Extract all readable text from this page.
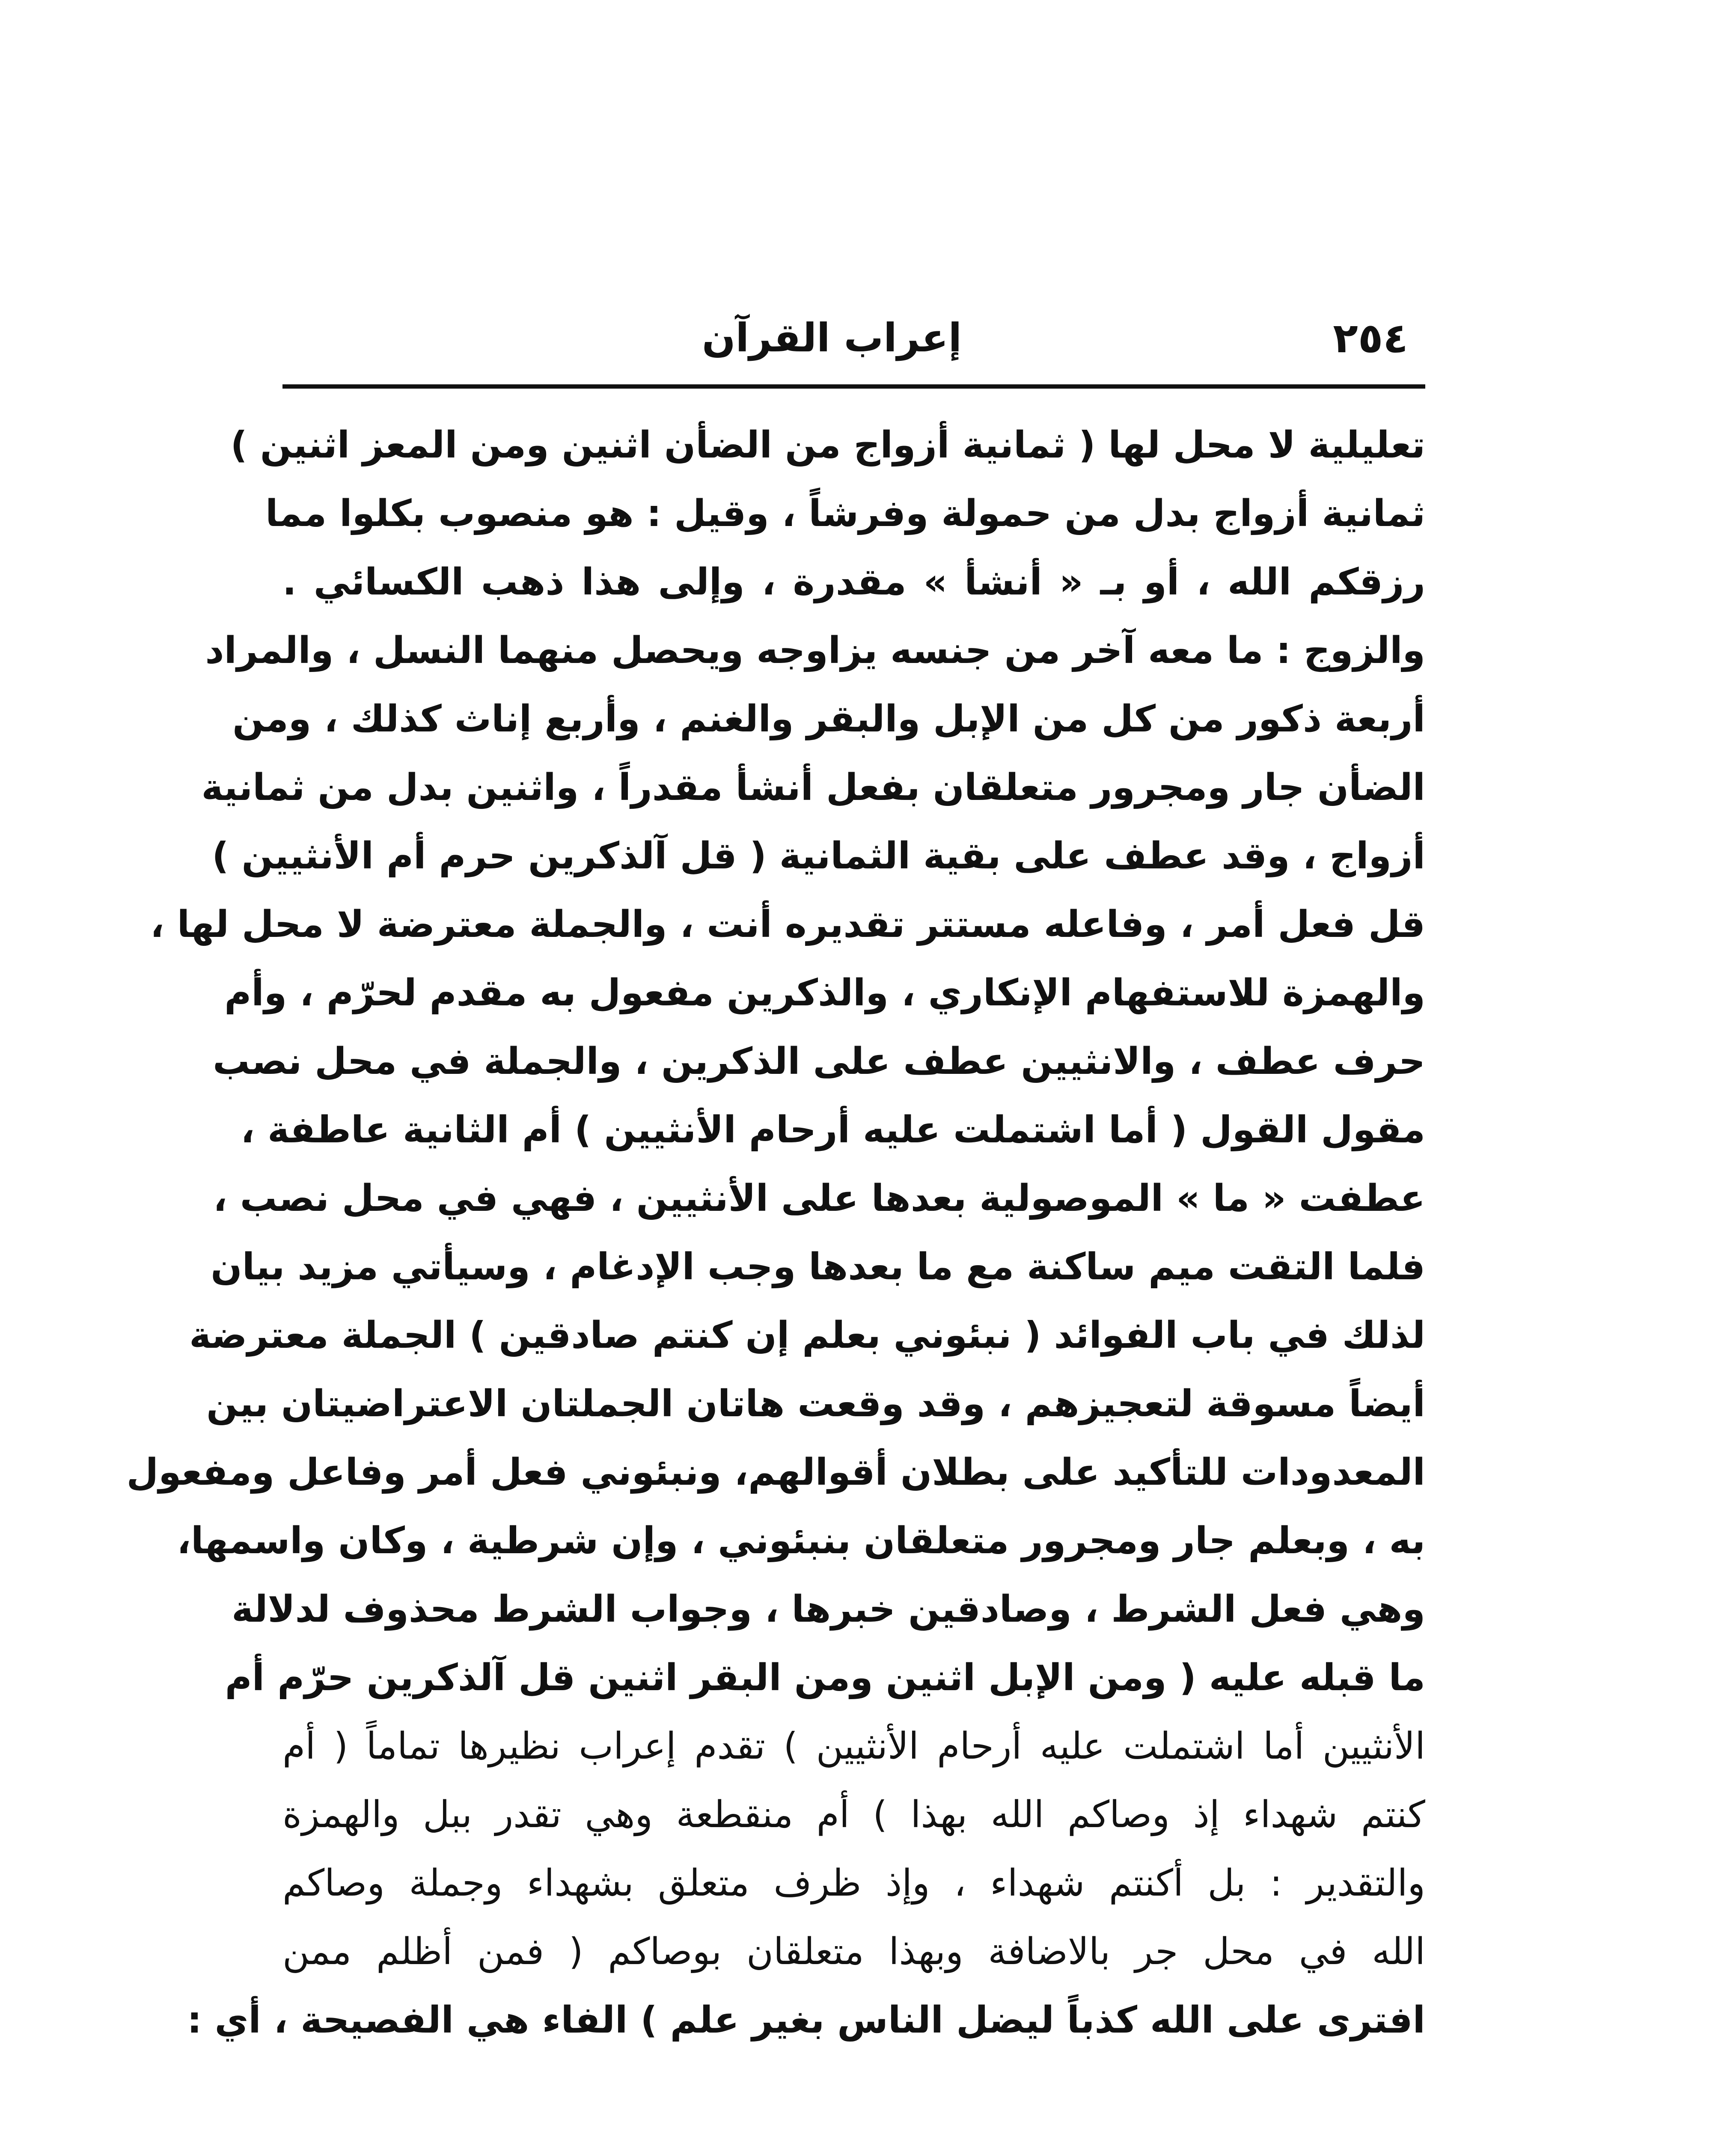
٢٥٤
إعراب القرآن
تعليلية لا محل لها ( ثمانية أزواج من الضأن اثنين ومن المعز اثنين )
ثمانية أزواج بدل من حمولة وفرشاً ، وقيل : هو منصوب بكلوا مما
رزقكم الله ، أو بـ « أنشأ » مقدرة ، وإلى هذا ذهب الكسائي .
والزوج : ما معه آخر من جنسه يزاوجه ويحصل منهما النسل ، والمراد
أربعة ذكور من كل من الإبل والبقر والغنم ، وأربع إناث كذلك ، ومن
الضأن جار ومجرور متعلقان بفعل أنشأ مقدراً ، واثنين بدل من ثمانية
أزواج ، وقد عطف على بقية الثمانية ( قل آلذكرين حرم أم الأنثيين )
قل فعل أمر ، وفاعله مستتر تقديره أنت ، والجملة معترضة لا محل لها ،
والهمزة للاستفهام الإنكاري ، والذكرين مفعول به مقدم لحرّم ، وأم
حرف عطف ، والانثيين عطف على الذكرين ، والجملة في محل نصب
مقول القول ( أما اشتملت عليه أرحام الأنثيين ) أم الثانية عاطفة ،
عطفت « ما » الموصولية بعدها على الأنثيين ، فهي في محل نصب ،
فلما التقت ميم ساكنة مع ما بعدها وجب الإدغام ، وسيأتي مزيد بيان
لذلك في باب الفوائد ( نبئوني بعلم إن كنتم صادقين ) الجملة معترضة
أيضاً مسوقة لتعجيزهم ، وقد وقعت هاتان الجملتان الاعتراضيتان بين
المعدودات للتأكيد على بطلان أقوالهم، ونبئوني فعل أمر وفاعل ومفعول
به ، وبعلم جار ومجرور متعلقان بنبئوني ، وإن شرطية ، وكان واسمها،
وهي فعل الشرط ، وصادقين خبرها ، وجواب الشرط محذوف لدلالة
ما قبله عليه ( ومن الإبل اثنين ومن البقر اثنين قل آلذكرين حرّم أم
الأنثيين أما اشتملت عليه أرحام الأنثيين ) تقدم إعراب نظيرها تماماً ( أم
كنتم شهداء إذ وصاكم الله بهذا ) أم منقطعة وهي تقدر ببل والهمزة
والتقدير : بل أكنتم شهداء ، وإذ ظرف متعلق بشهداء وجملة وصاكم
الله في محل جر بالاضافة وبهذا متعلقان بوصاكم ( فمن أظلم ممن
افترى على الله كذباً ليضل الناس بغير علم ) الفاء هي الفصيحة ، أي :
